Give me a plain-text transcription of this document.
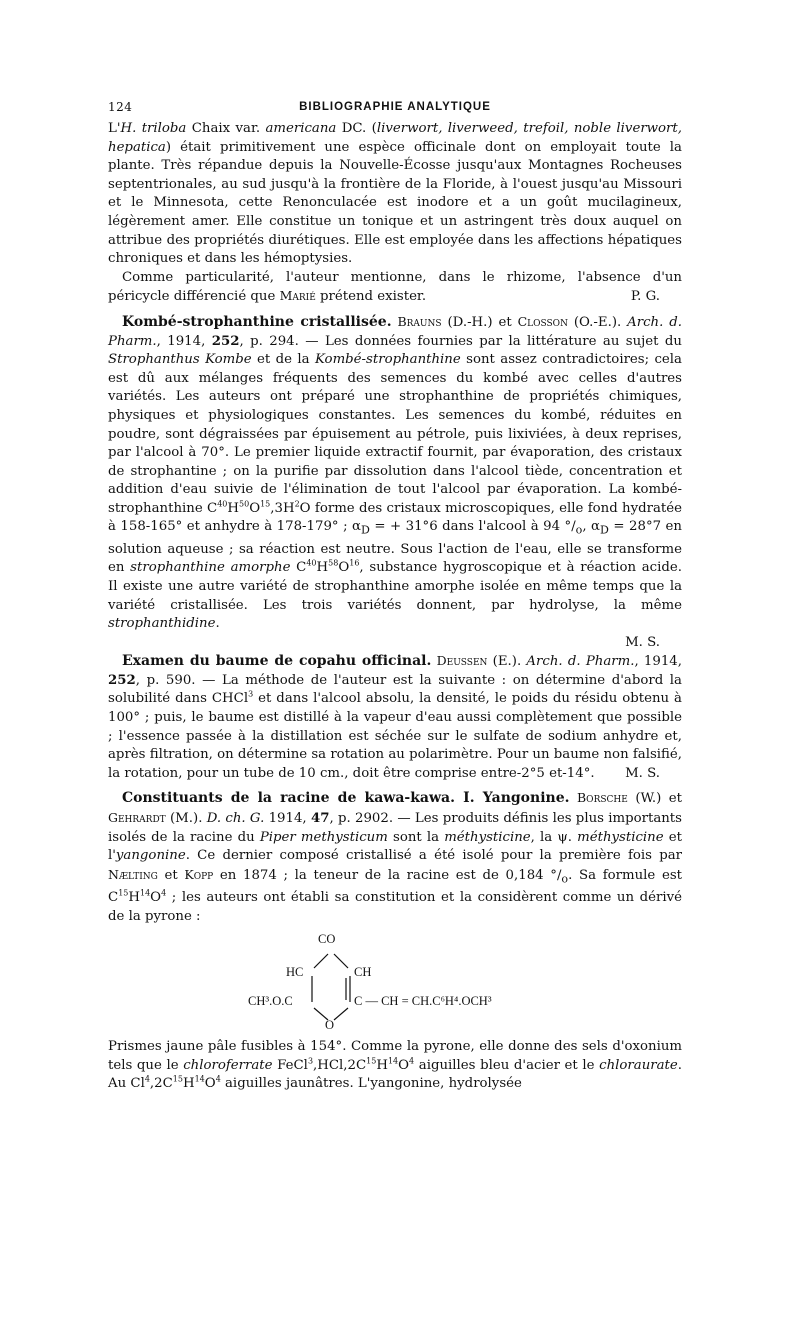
124	BIBLIOGRAPHIE ANALYTIQUE

L'H. triloba Chaix var. americana DC. (liverwort, liverweed, trefoil, noble liverwort, hepatica) était primitivement une espèce officinale dont on employait toute la plante. Très répandue depuis la Nouvelle-Écosse jusqu'aux Montagnes Rocheuses septentrionales, au sud jusqu'à la frontière de la Floride, à l'ouest jusqu'au Missouri et le Minnesota, cette Renonculacée est inodore et a un goût mucilagineux, légèrement amer. Elle constitue un tonique et un astringent très doux auquel on attribue des propriétés diurétiques. Elle est employée dans les affections hépatiques chroniques et dans les hémoptysies.

Comme particularité, l'auteur mentionne, dans le rhizome, l'absence d'un péricycle différencié que Marié prétend exister.	P. G.

Kombé-strophanthine cristallisée. Brauns (D.-H.) et Closson (O.-E.). Arch. d. Pharm., 1914, 252, p. 294. — Les données fournies par la littérature au sujet du Strophanthus Kombe et de la Kombé-strophanthine sont assez contradictoires; cela est dû aux mélanges fréquents des semences du kombé avec celles d'autres variétés. Les auteurs ont préparé une strophanthine de propriétés chimiques, physiques et physiologiques constantes. Les semences du kombé, réduites en poudre, sont dégraissées par épuisement au pétrole, puis lixiviées, à deux reprises, par l'alcool à 70°. Le premier liquide extractif fournit, par évaporation, des cristaux de strophantine ; on la purifie par dissolution dans l'alcool tiède, concentration et addition d'eau suivie de l'élimination de tout l'alcool par évaporation. La kombé-strophanthine $C^{40}H^{50}O^{15},3H^2O$ forme des cristaux microscopiques, elle fond hydratée à 158-165° et anhydre à 178-179° ; $\alpha_D$ = + 31°6 dans l'alcool à 94 $^\circ/_o$, $\alpha_D = 28^\circ 7$ en solution aqueuse ; sa réaction est neutre. Sous l'action de l'eau, elle se transforme en strophanthine amorphe $C^{40}H^{58}O^{16}$, substance hygroscopique et à réaction acide. Il existe une autre variété de strophanthine amorphe isolée en même temps que la variété cristallisée. Les trois variétés donnent, par hydrolyse, la même strophanthidine.

M. S.

Examen du baume de copahu officinal. Deussen (E.). Arch. d. Pharm., 1914, 252, p. 590. — La méthode de l'auteur est la suivante : on détermine d'abord la solubilité dans CHCl$^3$ et dans l'alcool absolu, la densité, le poids du résidu obtenu à 100° ; puis, le baume est distillé à la vapeur d'eau aussi complètement que possible ; l'essence passée à la distillation est séchée sur le sulfate de sodium anhydre et, après filtration, on détermine sa rotation au polarimètre. Pour un baume non falsifié, la rotation, pour un tube de 10 cm., doit être comprise entre-2°5 et-14°.	M. S.

Constituants de la racine de kawa-kawa. I. Yangonine. Borsche (W.) et Gehrardt (M.). D. ch. G. 1914, 47, p. 2902. — Les produits définis les plus importants isolés de la racine du Piper methysticum sont la méthysticine, la ψ. méthysticine et l'yangonine. Ce dernier composé cristallisé a été isolé pour la première fois par Nælting et Kopp en 1874 ; la teneur de la racine est de 0,184 $^\circ/_o$. Sa formule est $C^{15}H^{14}O^4$ ; les auteurs ont établi sa constitution et la considèrent comme un dérivé de la pyrone :

CO
HC	CH
CH³.O.C	C — CH = CH.C⁶H⁴.OCH³
O

Prismes jaune pâle fusibles à 154°. Comme la pyrone, elle donne des sels d'oxonium tels que le chloroferrate $FeCl^3,HCl,2C^{15}H^{14}O^4$ aiguilles bleu d'acier et le chloraurate. Au $Cl^4,2C^{15}H^{14}O^4$ aiguilles jaunâtres. L'yangonine, hydrolysée
